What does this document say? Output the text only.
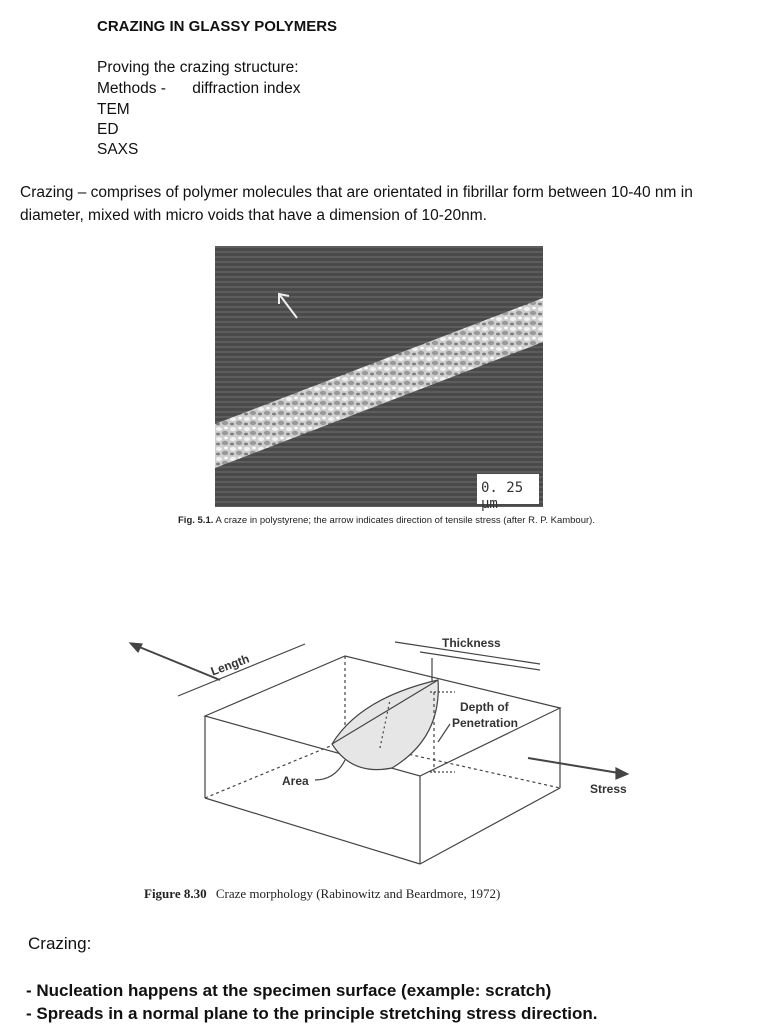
CRAZING IN GLASSY POLYMERS
Proving the crazing structure:
Methods - diffraction index
TEM
ED
SAXS
Crazing – comprises of polymer molecules that are orientated in fibrillar form between 10-40 nm in diameter, mixed with micro voids that have a dimension of 10-20nm.
0. 25 μm
Fig. 5.1. A craze in polystyrene; the arrow indicates direction of tensile stress (after R. P. Kambour).
Thickness
Length
Depth of
Penetration
Area
Stress
Figure 8.30 Craze morphology (Rabinowitz and Beardmore, 1972)
Crazing:
- Nucleation happens at the specimen surface (example: scratch)
- Spreads in a normal plane to the principle stretching stress direction.
